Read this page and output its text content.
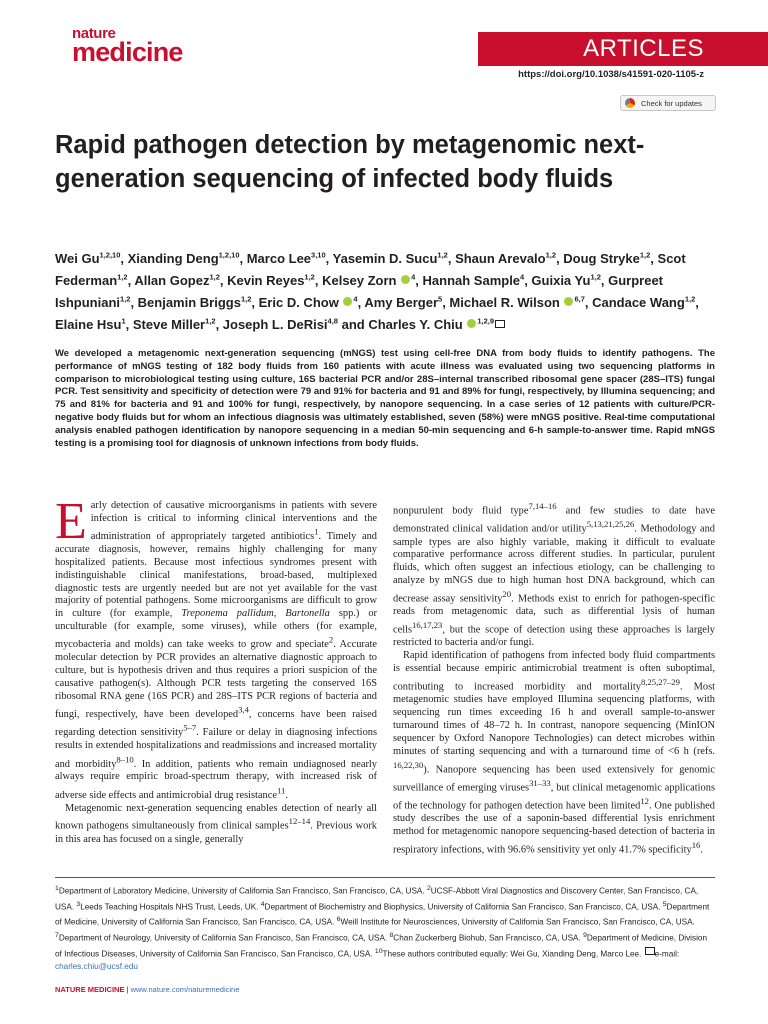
nature
medicine	ARTICLES
https://doi.org/10.1038/s41591-020-1105-z
Check for updates
Rapid pathogen detection by metagenomic next-generation sequencing of infected body fluids
Wei Gu$^{1,2,10}$, Xianding Deng$^{1,2,10}$, Marco Lee$^{3,10}$, Yasemin D. Sucu$^{1,2}$, Shaun Arevalo$^{1,2}$, Doug Stryke$^{1,2}$, Scot Federman$^{1,2}$, Allan Gopez$^{1,2}$, Kevin Reyes$^{1,2}$, Kelsey Zorn $^4$, Hannah Sample$^4$, Guixia Yu$^{1,2}$, Gurpreet Ishpuniani$^{1,2}$, Benjamin Briggs$^{1,2}$, Eric D. Chow $^4$, Amy Berger$^5$, Michael R. Wilson $^{6,7}$, Candace Wang$^{1,2}$, Elaine Hsu$^1$, Steve Miller$^{1,2}$, Joseph L. DeRisi$^{4,8}$ and Charles Y. Chiu $^{1,2,9}$
We developed a metagenomic next-generation sequencing (mNGS) test using cell-free DNA from body fluids to identify pathogens. The performance of mNGS testing of 182 body fluids from 160 patients with acute illness was evaluated using two sequencing platforms in comparison to microbiological testing using culture, 16S bacterial PCR and/or 28S–internal transcribed ribosomal gene spacer (28S–ITS) fungal PCR. Test sensitivity and specificity of detection were 79 and 91% for bacteria and 91 and 89% for fungi, respectively, by Illumina sequencing; and 75 and 81% for bacteria and 91 and 100% for fungi, respectively, by nanopore sequencing. In a case series of 12 patients with culture/PCR-negative body fluids but for whom an infectious diagnosis was ultimately established, seven (58%) were mNGS positive. Real-time computational analysis enabled pathogen identification by nanopore sequencing in a median 50-min sequencing and 6-h sample-to-answer time. Rapid mNGS testing is a promising tool for diagnosis of unknown infections from body fluids.

Early detection of causative microorganisms in patients with severe infection is critical to informing clinical interventions and the administration of appropriately targeted antibiotics$^1$. Timely and accurate diagnosis, however, remains highly challenging for many hospitalized patients. Because most infectious syndromes present with indistinguishable clinical manifestations, broad-based, multiplexed diagnostic tests are urgently needed but are not yet available for the vast majority of potential pathogens. Some microorganisms are difficult to grow in culture (for example, Treponema pallidum, Bartonella spp.) or unculturable (for example, some viruses), while others (for example, mycobacteria and molds) can take weeks to grow and speciate$^2$. Accurate molecular detection by PCR provides an alternative diagnostic approach to culture, but is hypothesis driven and thus requires a priori suspicion of the causative pathogen(s). Although PCR tests targeting the conserved 16S ribosomal RNA gene (16S PCR) and 28S–ITS PCR regions of bacteria and fungi, respectively, have been developed$^{3,4}$, concerns have been raised regarding detection sensitivity$^{5-7}$. Failure or delay in diagnosing infections results in extended hospitalizations and readmissions and increased mortality and morbidity$^{8-10}$. In addition, patients who remain undiagnosed nearly always require empiric broad-spectrum therapy, with increased risk of adverse side effects and antimicrobial drug resistance$^{11}$.

Metagenomic next-generation sequencing enables detection of nearly all known pathogens simultaneously from clinical samples$^{12-14}$. Previous work in this area has focused on a single, generally

nonpurulent body fluid type$^{7,14-16}$ and few studies to date have demonstrated clinical validation and/or utility$^{5,13,21,25,26}$. Methodology and sample types are also highly variable, making it difficult to evaluate comparative performance across different studies. In particular, purulent fluids, which often suggest an infectious etiology, can be challenging to analyze by mNGS due to high human host DNA background, which can decrease assay sensitivity$^{20}$. Methods exist to enrich for pathogen-specific reads from metagenomic data, such as differential lysis of human cells$^{16,17,23}$, but the scope of detection using these approaches is largely restricted to bacteria and/or fungi.

Rapid identification of pathogens from infected body fluid compartments is essential because empiric antimicrobial treatment is often suboptimal, contributing to increased morbidity and mortality$^{8,25,27-29}$. Most metagenomic studies have employed Illumina sequencing platforms, with sequencing run times exceeding 16 h and overall sample-to-answer turnaround times of 48–72 h. In contrast, nanopore sequencing (MinION sequencer by Oxford Nanopore Technologies) can detect microbes within minutes of starting sequencing and with a turnaround time of <6 h (refs. $^{16,22,30}$). Nanopore sequencing has been used extensively for genomic surveillance of emerging viruses$^{31-33}$, but clinical metagenomic applications of the technology for pathogen detection have been limited$^{12}$. One published study describes the use of a saponin-based differential lysis enrichment method for metagenomic nanopore sequencing-based detection of bacteria in respiratory infections, with 96.6% sensitivity yet only 41.7% specificity$^{16}$.

$^1$Department of Laboratory Medicine, University of California San Francisco, San Francisco, CA, USA. $^2$UCSF-Abbott Viral Diagnostics and Discovery Center, San Francisco, CA, USA. $^3$Leeds Teaching Hospitals NHS Trust, Leeds, UK. $^4$Department of Biochemistry and Biophysics, University of California San Francisco, San Francisco, CA, USA. $^5$Department of Medicine, University of California San Francisco, San Francisco, CA, USA. $^6$Weill Institute for Neurosciences, University of California San Francisco, San Francisco, CA, USA. $^7$Department of Neurology, University of California San Francisco, San Francisco, CA, USA. $^8$Chan Zuckerberg Biohub, San Francisco, CA, USA. $^9$Department of Medicine, Division of Infectious Diseases, University of California San Francisco, San Francisco, CA, USA. $^{10}$These authors contributed equally: Wei Gu, Xianding Deng, Marco Lee. e-mail: charles.chiu@ucsf.edu
NATURE MEDICINE | www.nature.com/naturemedicine
